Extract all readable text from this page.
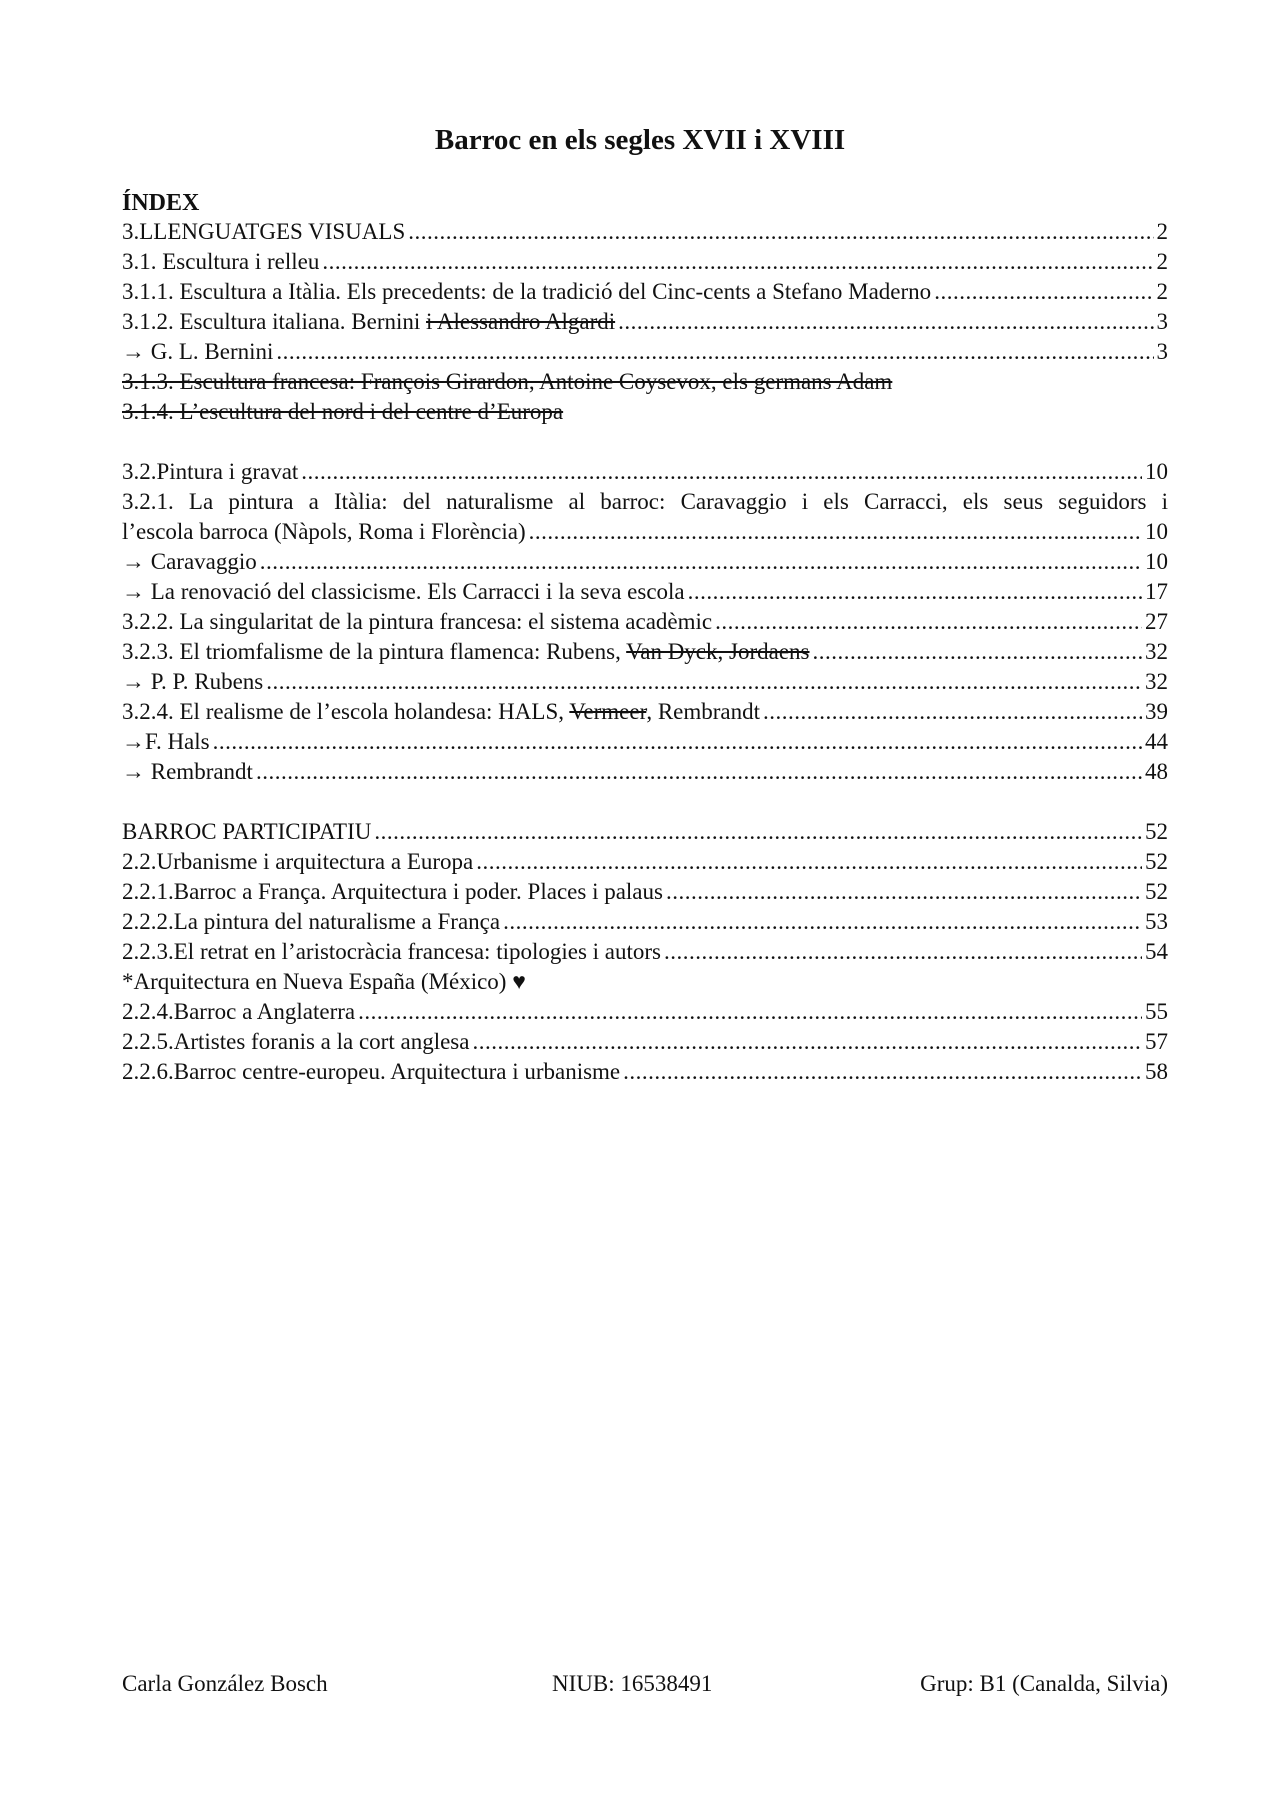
Barroc en els segles XVII i XVIII
ÍNDEX
3.LLENGUATGES VISUALS .....	2
3.1. Escultura i relleu .....	2
3.1.1. Escultura a Itàlia. Els precedents: de la tradició del Cinc-cents a Stefano Maderno .....	2
3.1.2. Escultura italiana. Bernini i Alessandro Algardi .....	3
→ G. L. Bernini .....	3
3.1.3. Escultura francesa: François Girardon, Antoine Coysevox, els germans Adam
3.1.4. L’escultura del nord i del centre d’Europa
3.2.Pintura i gravat .....	10
3.2.1. La pintura a Itàlia: del naturalisme al barroc: Caravaggio i els Carracci, els seus seguidors i
l’escola barroca (Nàpols, Roma i Florència) .....	10
→ Caravaggio .....	10
→ La renovació del classicisme. Els Carracci i la seva escola .....	17
3.2.2. La singularitat de la pintura francesa: el sistema acadèmic .....	27
3.2.3. El triomfalisme de la pintura flamenca: Rubens, Van Dyck, Jordaens .....	32
→ P. P. Rubens .....	32
3.2.4. El realisme de l’escola holandesa: HALS, Vermeer, Rembrandt .....	39
→F. Hals .....	44
→ Rembrandt .....	48
BARROC PARTICIPATIU .....	52
2.2.Urbanisme i arquitectura a Europa .....	52
2.2.1.Barroc a França. Arquitectura i poder. Places i palaus .....	52
2.2.2.La pintura del naturalisme a França .....	53
2.2.3.El retrat en l’aristocràcia francesa: tipologies i autors .....	54
*Arquitectura en Nueva España (México) ♥
2.2.4.Barroc a Anglaterra .....	55
2.2.5.Artistes foranis a la cort anglesa .....	57
2.2.6.Barroc centre-europeu. Arquitectura i urbanisme .....	58
Carla González Bosch	NIUB: 16538491	Grup: B1 (Canalda, Silvia)
